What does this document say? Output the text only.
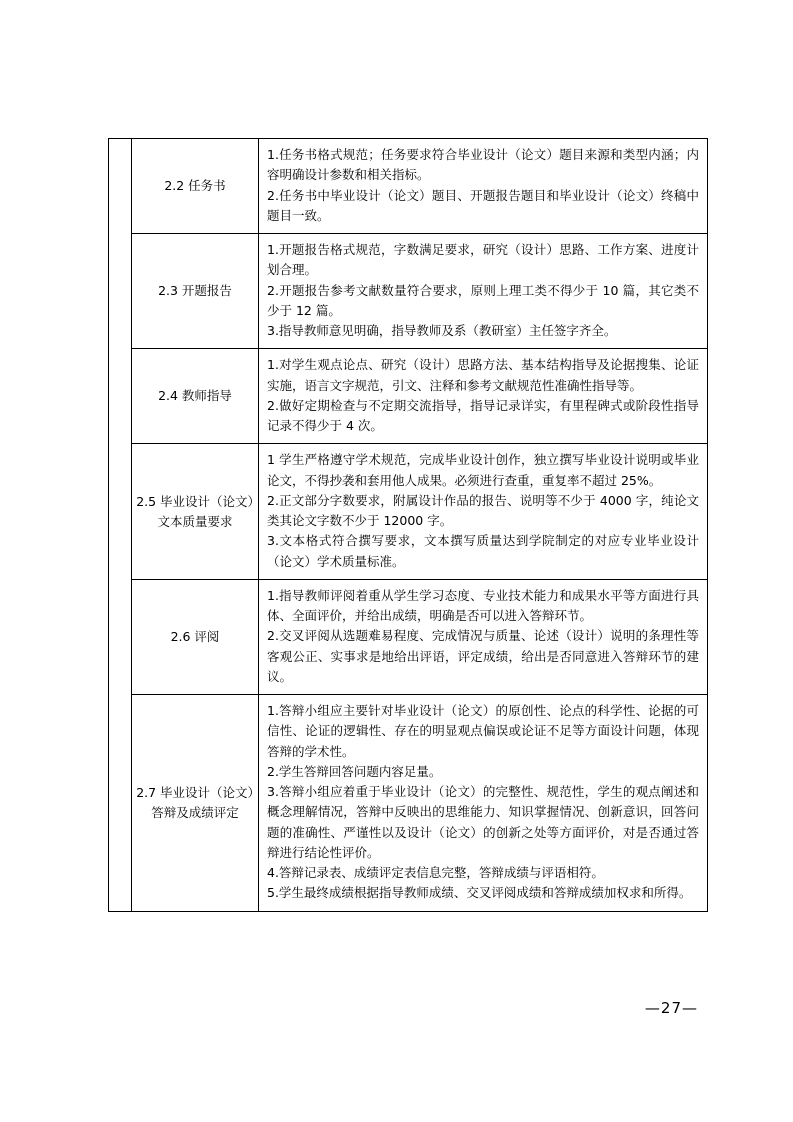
	2.2 任务书	1.任务书格式规范；任务要求符合毕业设计（论文）题目来源和类型内涵；内容明确设计参数和相关指标。
2.任务书中毕业设计（论文）题目、开题报告题目和毕业设计（论文）终稿中题目一致。

	2.3 开题报告	1.开题报告格式规范，字数满足要求，研究（设计）思路、工作方案、进度计划合理。
2.开题报告参考文献数量符合要求，原则上理工类不得少于 10 篇，其它类不少于 12 篇。
3.指导教师意见明确，指导教师及系（教研室）主任签字齐全。

	2.4 教师指导	1.对学生观点论点、研究（设计）思路方法、基本结构指导及论据搜集、论证实施，语言文字规范，引文、注释和参考文献规范性准确性指导等。
2.做好定期检查与不定期交流指导，指导记录详实，有里程碑式或阶段性指导记录不得少于 4 次。

	2.5 毕业设计（论文）文本质量要求	1 学生严格遵守学术规范，完成毕业设计创作，独立撰写毕业设计说明或毕业论文，不得抄袭和套用他人成果。必须进行查重，重复率不超过 25%。
2.正文部分字数要求，附属设计作品的报告、说明等不少于 4000 字，纯论文类其论文字数不少于 12000 字。
3.文本格式符合撰写要求，文本撰写质量达到学院制定的对应专业毕业设计（论文）学术质量标准。

	2.6 评阅	1.指导教师评阅着重从学生学习态度、专业技术能力和成果水平等方面进行具体、全面评价，并给出成绩，明确是否可以进入答辩环节。
2.交叉评阅从选题难易程度、完成情况与质量、论述（设计）说明的条理性等客观公正、实事求是地给出评语，评定成绩，给出是否同意进入答辩环节的建议。

	2.7 毕业设计（论文）答辩及成绩评定	1.答辩小组应主要针对毕业设计（论文）的原创性、论点的科学性、论据的可信性、论证的逻辑性、存在的明显观点偏误或论证不足等方面设计问题，体现答辩的学术性。
2.学生答辩回答问题内容足量。
3.答辩小组应着重于毕业设计（论文）的完整性、规范性，学生的观点阐述和概念理解情况，答辩中反映出的思维能力、知识掌握情况、创新意识，回答问题的准确性、严谨性以及设计（论文）的创新之处等方面评价，对是否通过答辩进行结论性评价。
4.答辩记录表、成绩评定表信息完整，答辩成绩与评语相符。
5.学生最终成绩根据指导教师成绩、交叉评阅成绩和答辩成绩加权求和所得。
—27—
